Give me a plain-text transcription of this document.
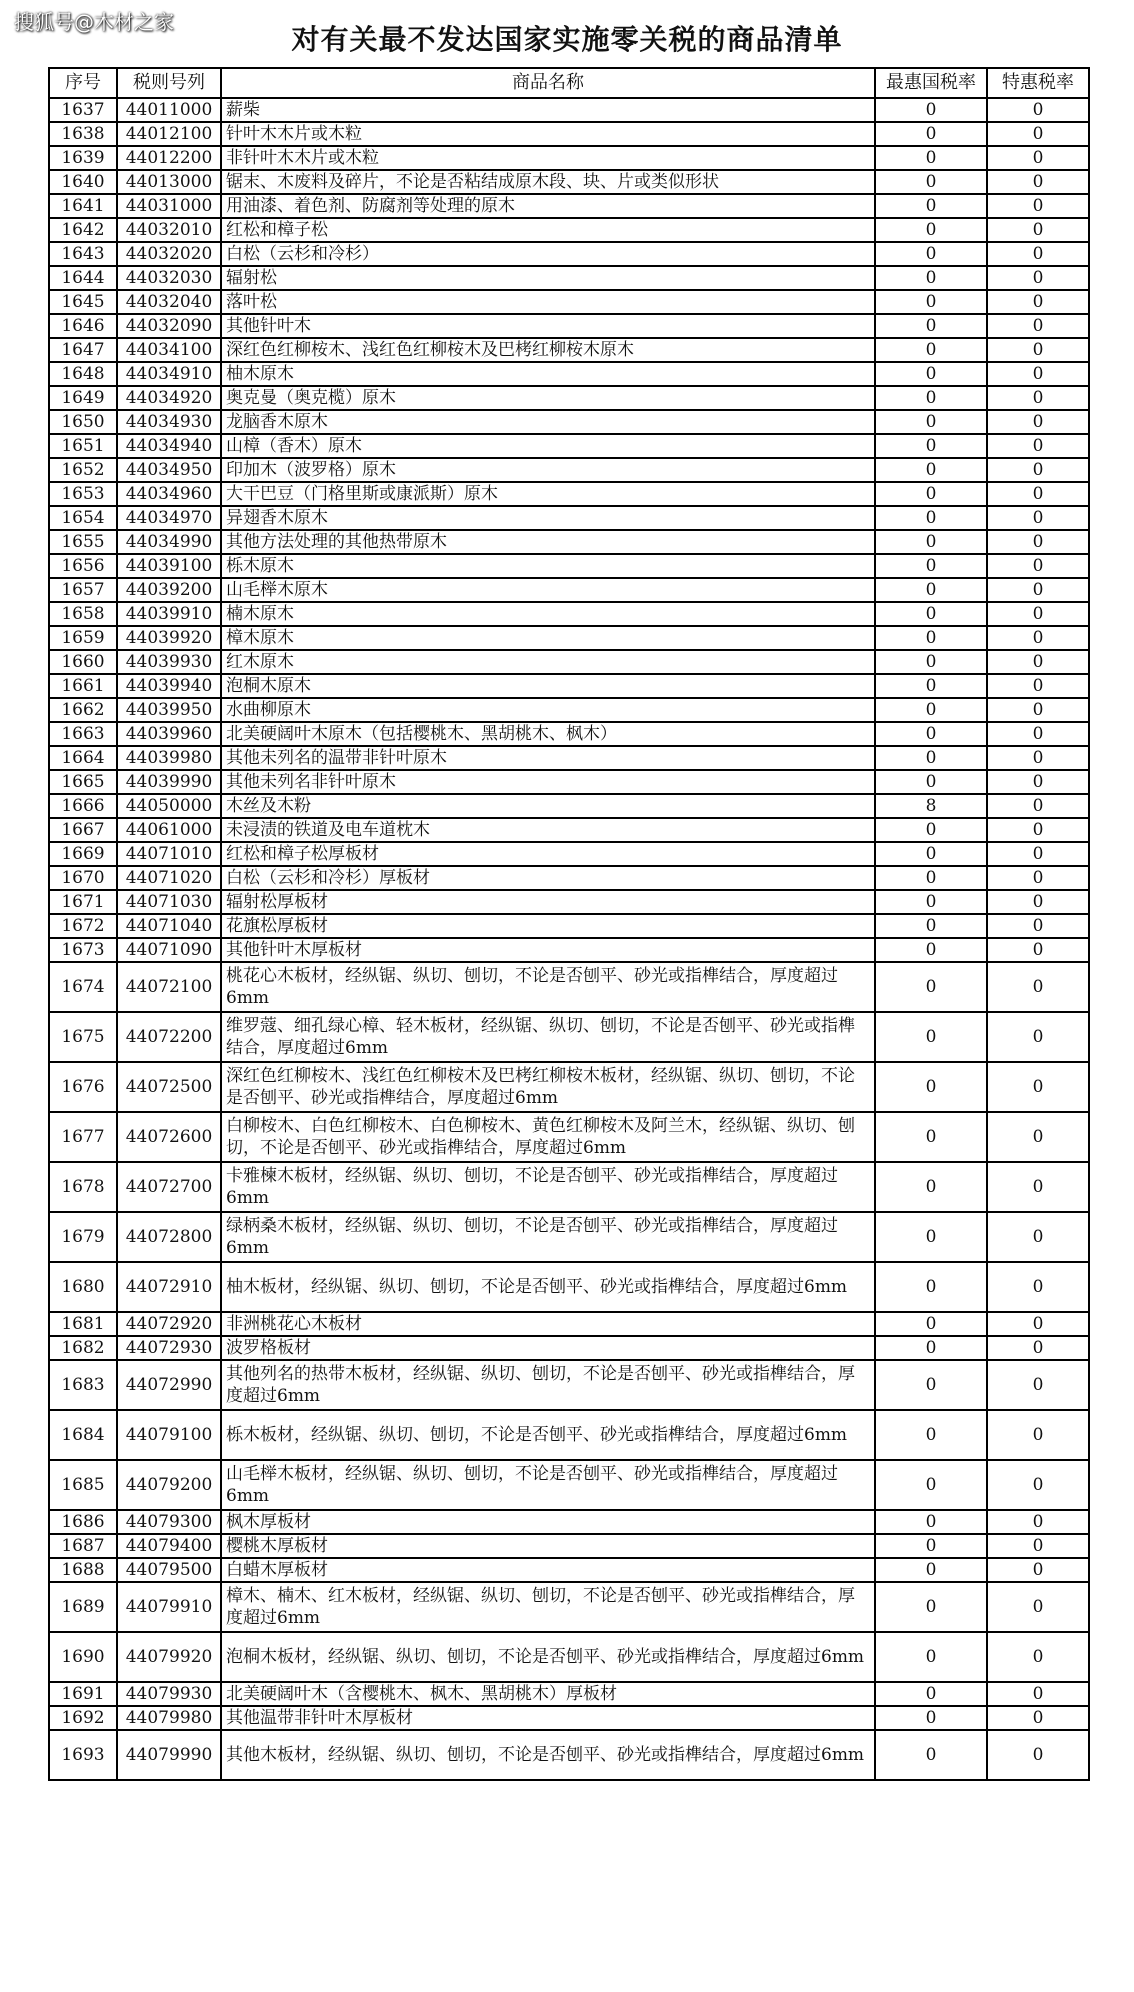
搜狐号@木材之家
对有关最不发达国家实施零关税的商品清单
序号	税则号列	商品名称	最惠国税率	特惠税率
1637	44011000	薪柴	0	0
1638	44012100	针叶木木片或木粒	0	0
1639	44012200	非针叶木木片或木粒	0	0
1640	44013000	锯末、木废料及碎片，不论是否粘结成原木段、块、片或类似形状	0	0
1641	44031000	用油漆、着色剂、防腐剂等处理的原木	0	0
1642	44032010	红松和樟子松	0	0
1643	44032020	白松（云杉和冷杉）	0	0
1644	44032030	辐射松	0	0
1645	44032040	落叶松	0	0
1646	44032090	其他针叶木	0	0
1647	44034100	深红色红柳桉木、浅红色红柳桉木及巴栲红柳桉木原木	0	0
1648	44034910	柚木原木	0	0
1649	44034920	奥克曼（奥克榄）原木	0	0
1650	44034930	龙脑香木原木	0	0
1651	44034940	山樟（香木）原木	0	0
1652	44034950	印加木（波罗格）原木	0	0
1653	44034960	大干巴豆（门格里斯或康派斯）原木	0	0
1654	44034970	异翅香木原木	0	0
1655	44034990	其他方法处理的其他热带原木	0	0
1656	44039100	栎木原木	0	0
1657	44039200	山毛榉木原木	0	0
1658	44039910	楠木原木	0	0
1659	44039920	樟木原木	0	0
1660	44039930	红木原木	0	0
1661	44039940	泡桐木原木	0	0
1662	44039950	水曲柳原木	0	0
1663	44039960	北美硬阔叶木原木（包括樱桃木、黑胡桃木、枫木）	0	0
1664	44039980	其他未列名的温带非针叶原木	0	0
1665	44039990	其他未列名非针叶原木	0	0
1666	44050000	木丝及木粉	8	0
1667	44061000	未浸渍的铁道及电车道枕木	0	0
1669	44071010	红松和樟子松厚板材	0	0
1670	44071020	白松（云杉和冷杉）厚板材	0	0
1671	44071030	辐射松厚板材	0	0
1672	44071040	花旗松厚板材	0	0
1673	44071090	其他针叶木厚板材	0	0
1674	44072100	桃花心木板材，经纵锯、纵切、刨切，不论是否刨平、砂光或指榫结合，厚度超过6mm	0	0
1675	44072200	维罗蔻、细孔绿心樟、轻木板材，经纵锯、纵切、刨切，不论是否刨平、砂光或指榫结合，厚度超过6mm	0	0
1676	44072500	深红色红柳桉木、浅红色红柳桉木及巴栲红柳桉木板材，经纵锯、纵切、刨切，不论是否刨平、砂光或指榫结合，厚度超过6mm	0	0
1677	44072600	白柳桉木、白色红柳桉木、白色柳桉木、黄色红柳桉木及阿兰木，经纵锯、纵切、刨切，不论是否刨平、砂光或指榫结合，厚度超过6mm	0	0
1678	44072700	卡雅楝木板材，经纵锯、纵切、刨切，不论是否刨平、砂光或指榫结合，厚度超过6mm	0	0
1679	44072800	绿柄桑木板材，经纵锯、纵切、刨切，不论是否刨平、砂光或指榫结合，厚度超过6mm	0	0
1680	44072910	柚木板材，经纵锯、纵切、刨切，不论是否刨平、砂光或指榫结合，厚度超过6mm	0	0
1681	44072920	非洲桃花心木板材	0	0
1682	44072930	波罗格板材	0	0
1683	44072990	其他列名的热带木板材，经纵锯、纵切、刨切，不论是否刨平、砂光或指榫结合，厚度超过6mm	0	0
1684	44079100	栎木板材，经纵锯、纵切、刨切，不论是否刨平、砂光或指榫结合，厚度超过6mm	0	0
1685	44079200	山毛榉木板材，经纵锯、纵切、刨切，不论是否刨平、砂光或指榫结合，厚度超过6mm	0	0
1686	44079300	枫木厚板材	0	0
1687	44079400	樱桃木厚板材	0	0
1688	44079500	白蜡木厚板材	0	0
1689	44079910	樟木、楠木、红木板材，经纵锯、纵切、刨切，不论是否刨平、砂光或指榫结合，厚度超过6mm	0	0
1690	44079920	泡桐木板材，经纵锯、纵切、刨切，不论是否刨平、砂光或指榫结合，厚度超过6mm	0	0
1691	44079930	北美硬阔叶木（含樱桃木、枫木、黑胡桃木）厚板材	0	0
1692	44079980	其他温带非针叶木厚板材	0	0
1693	44079990	其他木板材，经纵锯、纵切、刨切，不论是否刨平、砂光或指榫结合，厚度超过6mm	0	0
